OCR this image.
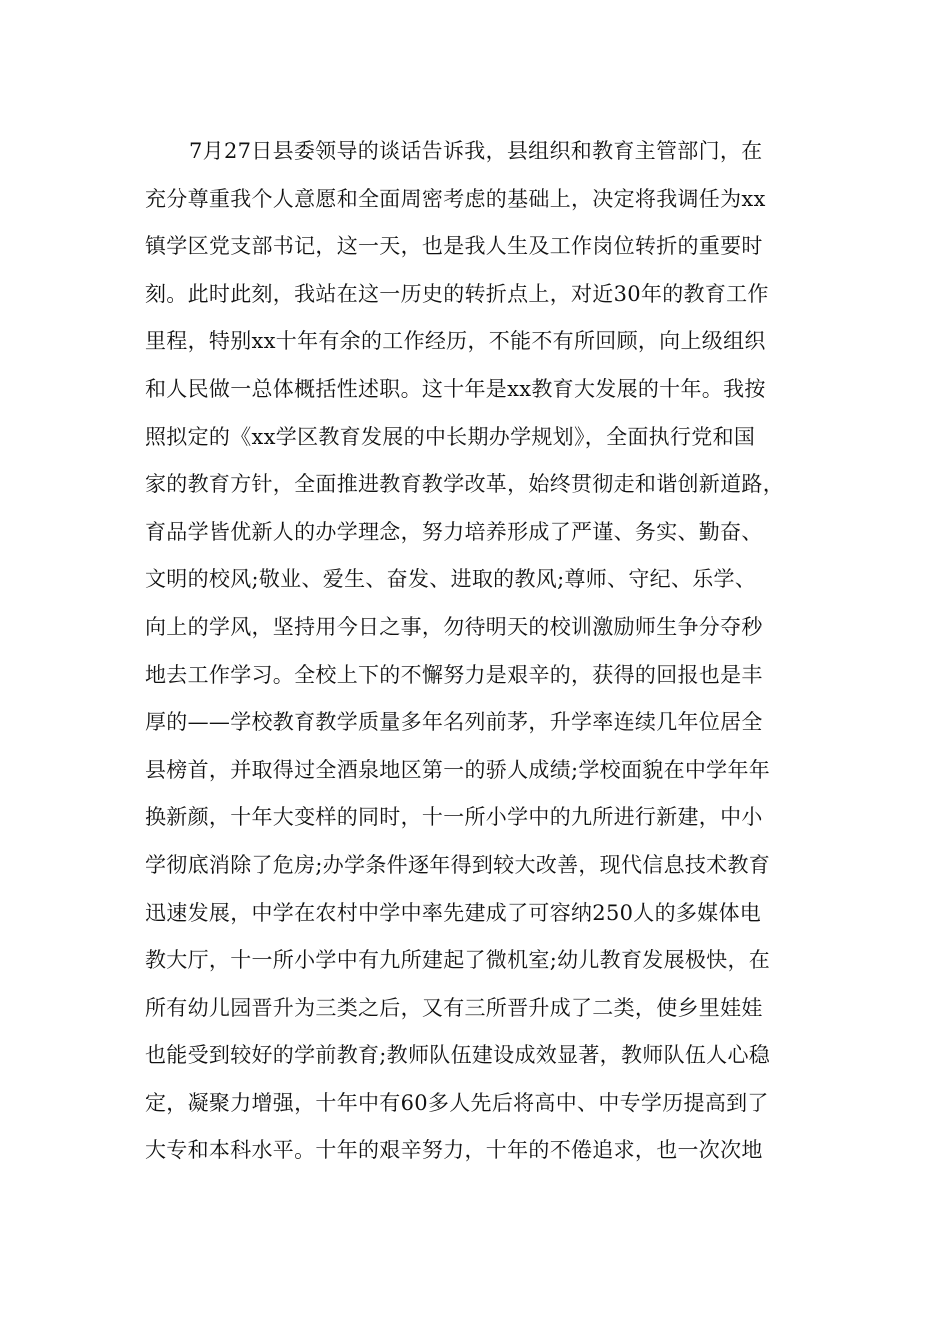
7月27日县委领导的谈话告诉我，县组织和教育主管部门，在
充分尊重我个人意愿和全面周密考虑的基础上，决定将我调任为xx
镇学区党支部书记，这一天，也是我人生及工作岗位转折的重要时
刻。此时此刻，我站在这一历史的转折点上，对近30年的教育工作
里程，特别xx十年有余的工作经历，不能不有所回顾，向上级组织
和人民做一总体概括性述职。这十年是xx教育大发展的十年。我按
照拟定的《xx学区教育发展的中长期办学规划》，全面执行党和国
家的教育方针，全面推进教育教学改革，始终贯彻走和谐创新道路，
育品学皆优新人的办学理念，努力培养形成了严谨、务实、勤奋、
文明的校风;敬业、爱生、奋发、进取的教风;尊师、守纪、乐学、
向上的学风，坚持用今日之事，勿待明天的校训激励师生争分夺秒
地去工作学习。全校上下的不懈努力是艰辛的，获得的回报也是丰
厚的——学校教育教学质量多年名列前茅，升学率连续几年位居全
县榜首，并取得过全酒泉地区第一的骄人成绩;学校面貌在中学年年
换新颜，十年大变样的同时，十一所小学中的九所进行新建，中小
学彻底消除了危房;办学条件逐年得到较大改善，现代信息技术教育
迅速发展，中学在农村中学中率先建成了可容纳250人的多媒体电
教大厅，十一所小学中有九所建起了微机室;幼儿教育发展极快，在
所有幼儿园晋升为三类之后，又有三所晋升成了二类，使乡里娃娃
也能受到较好的学前教育;教师队伍建设成效显著，教师队伍人心稳
定，凝聚力增强，十年中有60多人先后将高中、中专学历提高到了
大专和本科水平。十年的艰辛努力，十年的不倦追求，也一次次地
